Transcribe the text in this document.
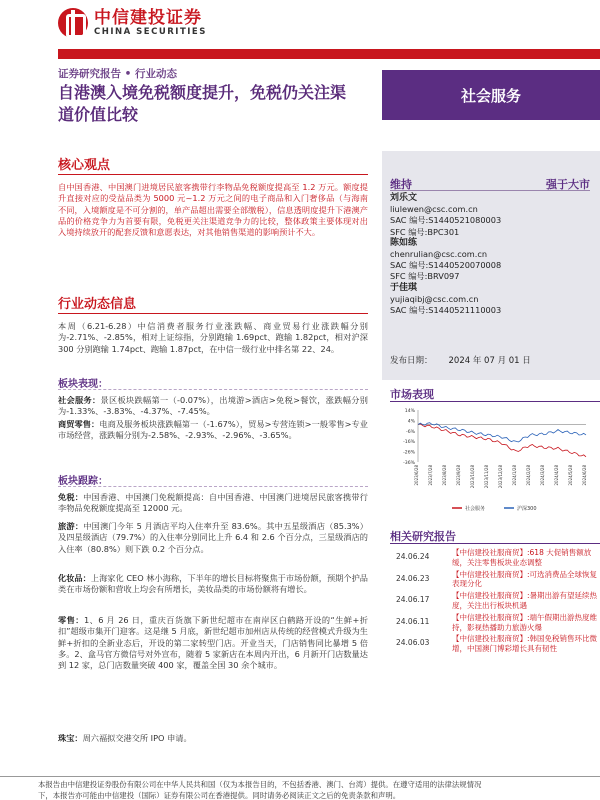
中信建投证券
CHINA SECURITIES
证券研究报告 • 行业动态
自港澳入境免税额度提升，免税仍关注渠道价值比较
社会服务
维持	强于大市
刘乐文
liulewen@csc.com.cn
SAC 编号:S1440521080003
SFC 编号:BPC301
陈如练
chenrulian@csc.com.cn
SAC 编号:S1440520070008
SFC 编号:BRV097
于佳琪
yujiaqibj@csc.com.cn
SAC 编号:S1440521110003
发布日期： 2024 年 07 月 01 日
市场表现
14%
4%
-6%
-16%
-26%
-36%
2023/6/28 2023/7/28 2023/8/28 2023/9/28 2023/10/28 2023/11/28 2023/12/28 2024/1/28 2024/2/28 2024/3/28 2024/4/28 2024/5/28 2024/6/28
社会服务	沪深300
相关研究报告
24.06.24	【中信建投社服商贸】:618 大促销售额放缓，关注零售板块业态调整
24.06.23	【中信建投社服商贸】:可选消费品全球恢复表现分化
24.06.17	【中信建投社服商贸】:暑期出游有望延续热度，关注出行板块机遇
24.06.11	【中信建投社服商贸】:端午假期出游热度维持，影视热播助力旅游火爆
24.06.03	【中信建投社服商贸】:韩国免税销售环比微增，中国澳门博彩增长具有韧性
核心观点
自中国香港、中国澳门进境居民旅客携带行李物品免税额度提高至 1.2 万元。额度提升直接对应的受益品类为 5000 元~1.2 万元之间的电子商品和入门奢侈品（与海南不同，入境额度是不可分割的，单产品超出需要全部缴税），信息透明度提升下港澳产品的价格竞争力为首要有限，免税更关注渠道竞争力的比较，整体政策主要体现对出入境持续放开的配套反馈和意愿表达，对其他销售渠道的影响预计不大。
行业动态信息
本周（6.21-6.28）中信消费者服务行业涨跌幅、商业贸易行业涨跌幅分别为-2.71%、-2.85%，相对上证综指，分别跑输 1.69pct、跑输 1.82pct，相对沪深 300 分别跑输 1.74pct、跑输 1.87pct，在中信一级行业中排名第 22、24。
板块表现：
社会服务：景区板块跌幅第一（-0.07%），出境游>酒店>免税>餐饮，涨跌幅分别为-1.33%、-3.83%、-4.37%、-7.45%。
商贸零售：电商及服务板块涨跌幅第一（-1.67%），贸易>专营连锁>一般零售>专业市场经营，涨跌幅分别为-2.58%、-2.93%、-2.96%、-3.65%。
板块跟踪：
免税：中国香港、中国澳门免税额提高：自中国香港、中国澳门进境居民旅客携带行李物品免税额度提高至 12000 元。
旅游：中国澳门今年 5 月酒店平均入住率升至 83.6%。其中五星级酒店（85.3%）及四星级酒店（79.7%）的入住率分别同比上升 6.4 和 2.6 个百分点，三星级酒店的入住率（80.8%）则下跌 0.2 个百分点。
化妆品：上海家化 CEO 林小海称，下半年的增长目标将聚焦于市场份额，预期个护品类在市场份额和营收上均会有所增长，美妆品类的市场份额将有增长。
零售：1、6 月 26 日，重庆百货旗下新世纪超市在南岸区白鹤路开设的“生鲜+折扣”超级市集开门迎客。这是继 5 月底，新世纪超市加州店从传统的经营模式升级为生鲜+折扣的全新业态后，开设的第二家转型门店。开业当天，门店销售同比暴增 5 倍多。2、盒马官方微信号对外宣布，随着 5 家新店在本周内开出，6 月新开门店数量达到 12 家，总门店数量突破 400 家，覆盖全国 30 余个城市。
珠宝：周六福拟交港交所 IPO 申请。
本报告由中信建投证券股份有限公司在中华人民共和国（仅为本报告目的，不包括香港、澳门、台湾）提供。在遵守适用的法律法规情况
下，本报告亦可能由中信建投（国际）证券有限公司在香港提供。同时请务必阅读正文之后的免责条款和声明。
